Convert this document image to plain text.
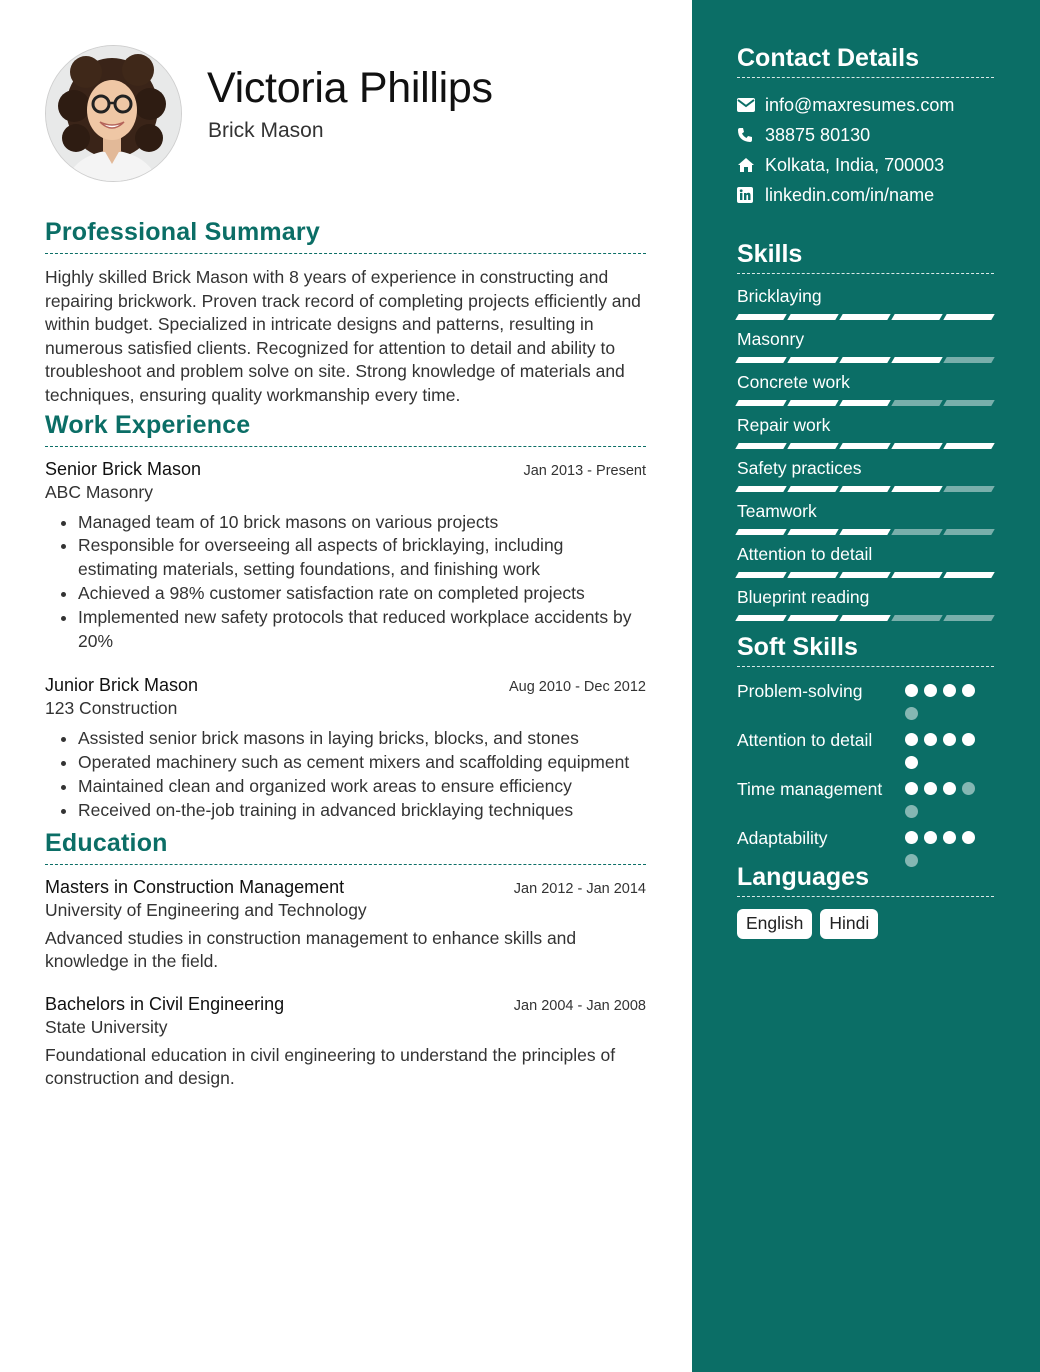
Victoria Phillips
Brick Mason
Professional Summary

Highly skilled Brick Mason with 8 years of experience in constructing and repairing brickwork. Proven track record of completing projects efficiently and within budget. Specialized in intricate designs and patterns, resulting in numerous satisfied clients. Recognized for attention to detail and ability to troubleshoot and problem solve on site. Strong knowledge of materials and techniques, ensuring quality workmanship every time.

Work Experience
Senior Brick Mason	Jan 2013 - Present
ABC Masonry
• Managed team of 10 brick masons on various projects
• Responsible for overseeing all aspects of bricklaying, including estimating materials, setting foundations, and finishing work
• Achieved a 98% customer satisfaction rate on completed projects
• Implemented new safety protocols that reduced workplace accidents by 20%
Junior Brick Mason	Aug 2010 - Dec 2012
123 Construction
• Assisted senior brick masons in laying bricks, blocks, and stones
• Operated machinery such as cement mixers and scaffolding equipment
• Maintained clean and organized work areas to ensure efficiency
• Received on-the-job training in advanced bricklaying techniques
Education
Masters in Construction Management	Jan 2012 - Jan 2014
University of Engineering and Technology
Advanced studies in construction management to enhance skills and knowledge in the field.
Bachelors in Civil Engineering	Jan 2004 - Jan 2008
State University
Foundational education in civil engineering to understand the principles of construction and design.
Contact Details
info@maxresumes.com
38875 80130
Kolkata, India, 700003
linkedin.com/in/name
Skills
Bricklaying
Masonry
Concrete work
Repair work
Safety practices
Teamwork
Attention to detail
Blueprint reading
Soft Skills
Problem-solving
Attention to detail
Time management
Adaptability
Languages
English	Hindi
